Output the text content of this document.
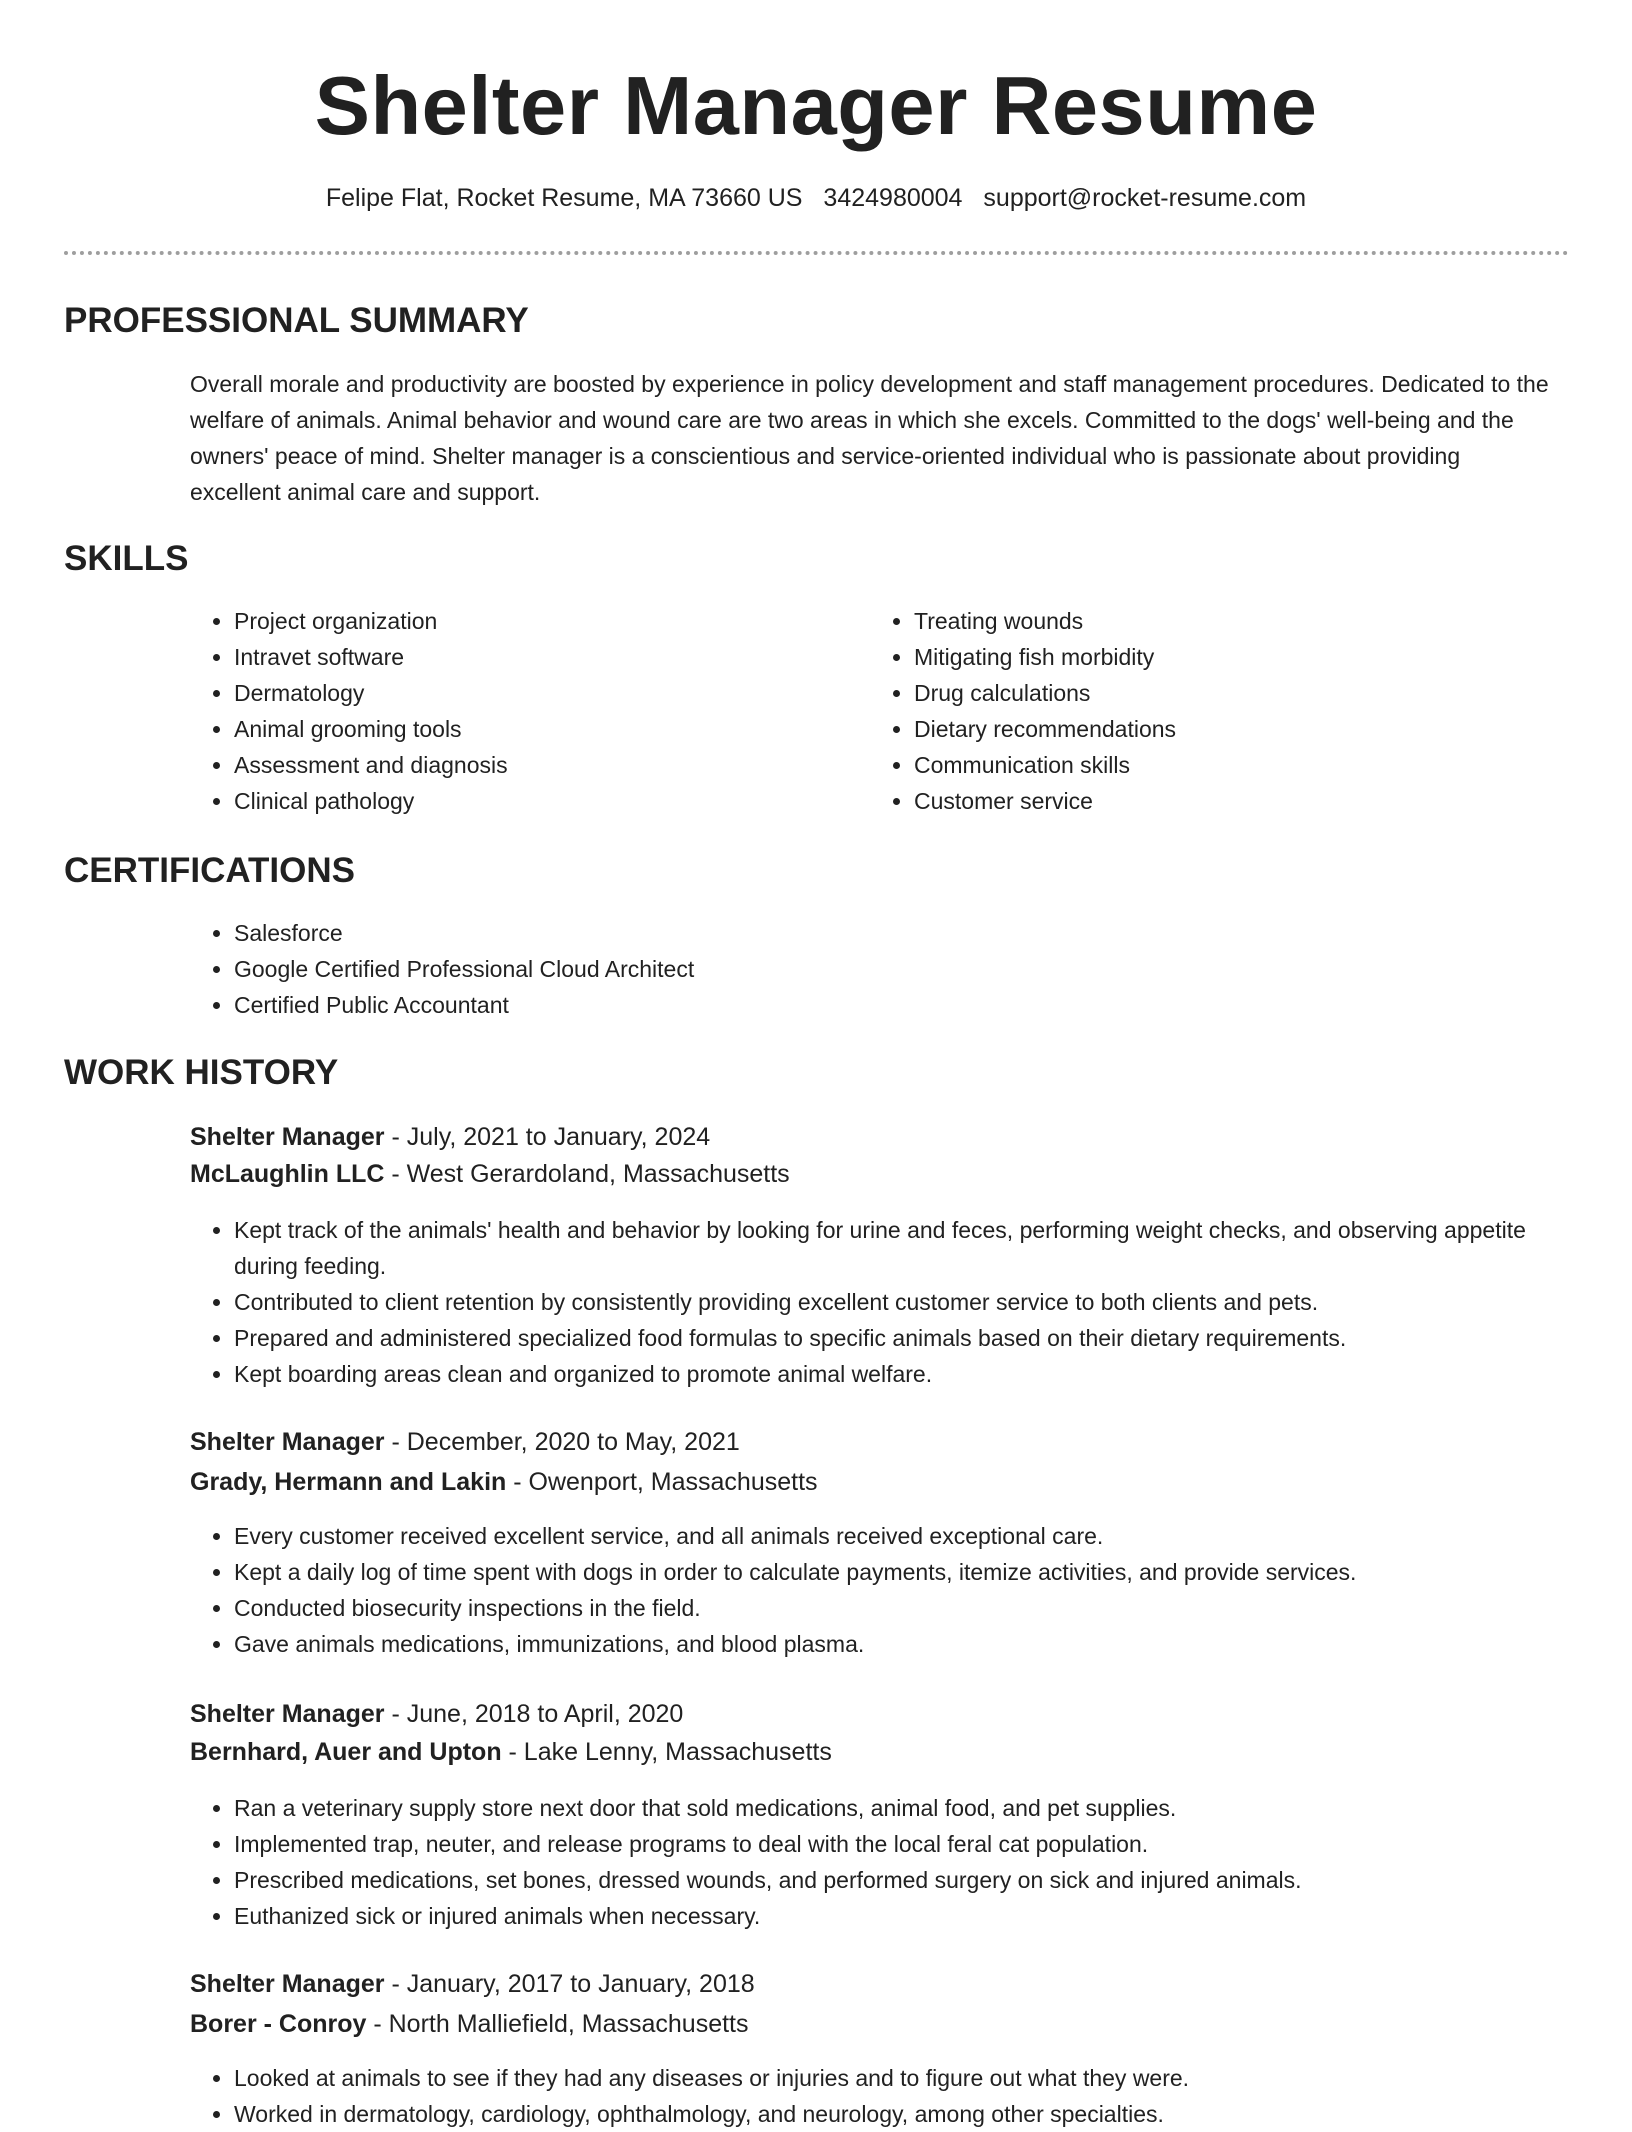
Shelter Manager Resume
Felipe Flat, Rocket Resume, MA 73660 US 3424980004 support@rocket-resume.com
PROFESSIONAL SUMMARY

Overall morale and productivity are boosted by experience in policy development and staff management procedures. Dedicated to the welfare of animals. Animal behavior and wound care are two areas in which she excels. Committed to the dogs' well-being and the owners' peace of mind. Shelter manager is a conscientious and service-oriented individual who is passionate about providing excellent animal care and support.

SKILLS
• Project organization
• Intravet software
• Dermatology
• Animal grooming tools
• Assessment and diagnosis
• Clinical pathology
• Treating wounds
• Mitigating fish morbidity
• Drug calculations
• Dietary recommendations
• Communication skills
• Customer service
CERTIFICATIONS
• Salesforce
• Google Certified Professional Cloud Architect
• Certified Public Accountant
WORK HISTORY
Shelter Manager - July, 2021 to January, 2024
McLaughlin LLC - West Gerardoland, Massachusetts
• Kept track of the animals' health and behavior by looking for urine and feces, performing weight checks, and observing appetite during feeding.
• Contributed to client retention by consistently providing excellent customer service to both clients and pets.
• Prepared and administered specialized food formulas to specific animals based on their dietary requirements.
• Kept boarding areas clean and organized to promote animal welfare.
Shelter Manager - December, 2020 to May, 2021
Grady, Hermann and Lakin - Owenport, Massachusetts
• Every customer received excellent service, and all animals received exceptional care.
• Kept a daily log of time spent with dogs in order to calculate payments, itemize activities, and provide services.
• Conducted biosecurity inspections in the field.
• Gave animals medications, immunizations, and blood plasma.
Shelter Manager - June, 2018 to April, 2020
Bernhard, Auer and Upton - Lake Lenny, Massachusetts
• Ran a veterinary supply store next door that sold medications, animal food, and pet supplies.
• Implemented trap, neuter, and release programs to deal with the local feral cat population.
• Prescribed medications, set bones, dressed wounds, and performed surgery on sick and injured animals.
• Euthanized sick or injured animals when necessary.
Shelter Manager - January, 2017 to January, 2018
Borer - Conroy - North Malliefield, Massachusetts
• Looked at animals to see if they had any diseases or injuries and to figure out what they were.
• Worked in dermatology, cardiology, ophthalmology, and neurology, among other specialties.
